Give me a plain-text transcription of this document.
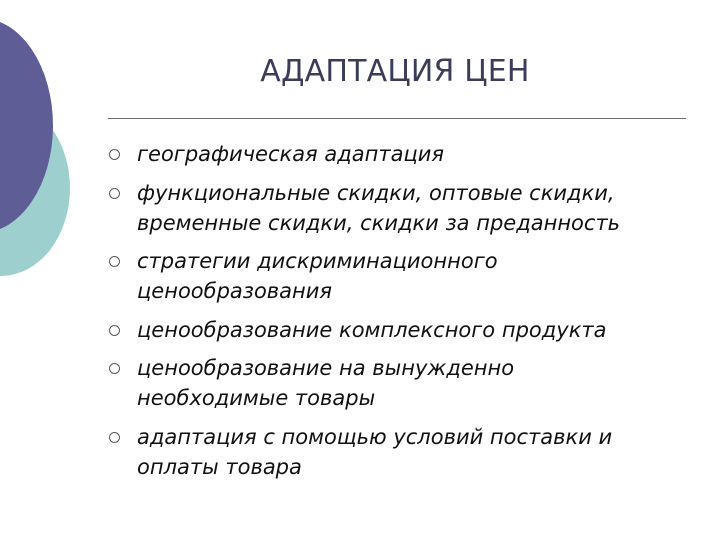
АДАПТАЦИЯ ЦЕН
географическая адаптация
функциональные скидки, оптовые скидки, временные скидки, скидки за преданность
стратегии дискриминационного ценообразования
ценообразование комплексного продукта
ценообразование на вынужденно необходимые товары
адаптация с помощью условий поставки и оплаты товара
